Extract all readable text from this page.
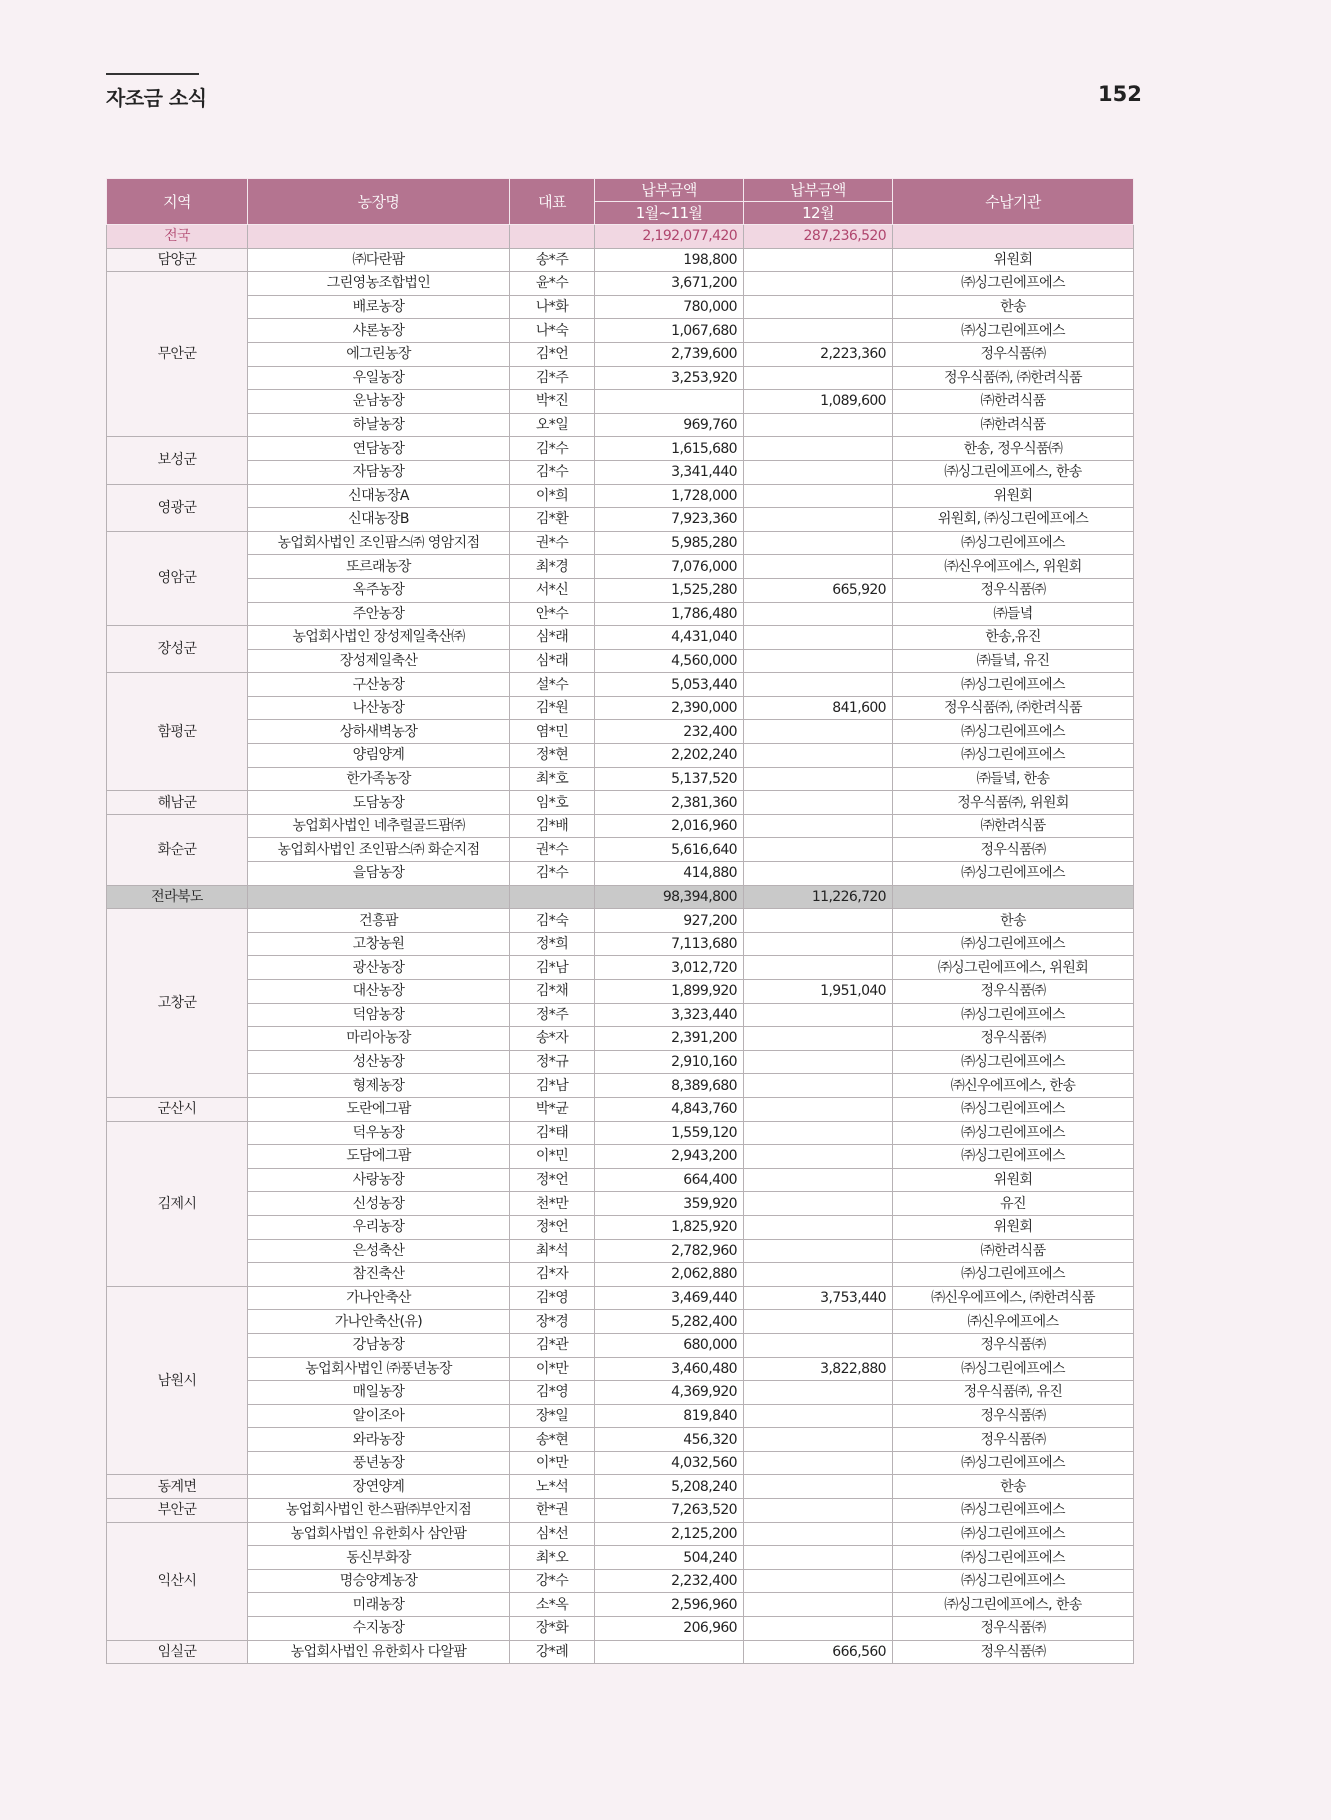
자조금 소식	152
지역	농장명	대표	납부금액	납부금액	수납기관
			1월~11월	12월	
전국			2,192,077,420	287,236,520	
담양군	㈜다란팜	송*주	198,800		위원회
무안군	그린영농조합법인	윤*수	3,671,200		㈜싱그린에프에스
	배로농장	나*화	780,000		한송
	샤론농장	나*숙	1,067,680		㈜싱그린에프에스
	에그린농장	김*언	2,739,600	2,223,360	정우식품㈜
	우일농장	김*주	3,253,920		정우식품㈜, ㈜한려식품
	운남농장	박*진		1,089,600	㈜한려식품
	하날농장	오*일	969,760		㈜한려식품
보성군	연담농장	김*수	1,615,680		한송, 정우식품㈜
	자담농장	김*수	3,341,440		㈜싱그린에프에스, 한송
영광군	신대농장A	이*희	1,728,000		위원회
	신대농장B	김*환	7,923,360		위원회, ㈜싱그린에프에스
영암군	농업회사법인 조인팜스㈜ 영암지점	권*수	5,985,280		㈜싱그린에프에스
	또르래농장	최*경	7,076,000		㈜신우에프에스, 위원회
	옥주농장	서*신	1,525,280	665,920	정우식품㈜
	주안농장	안*수	1,786,480		㈜들녘
장성군	농업회사법인 장성제일축산㈜	심*래	4,431,040		한송,유진
	장성제일축산	심*래	4,560,000		㈜들녘, 유진
함평군	구산농장	설*수	5,053,440		㈜싱그린에프에스
	나산농장	김*원	2,390,000	841,600	정우식품㈜, ㈜한려식품
	상하새벽농장	염*민	232,400		㈜싱그린에프에스
	양림양계	정*현	2,202,240		㈜싱그린에프에스
	한가족농장	최*호	5,137,520		㈜들녘, 한송
해남군	도담농장	임*호	2,381,360		정우식품㈜, 위원회
화순군	농업회사법인 네추럴골드팜㈜	김*배	2,016,960		㈜한려식품
	농업회사법인 조인팜스㈜ 화순지점	권*수	5,616,640		정우식품㈜
	을담농장	김*수	414,880		㈜싱그린에프에스
전라북도			98,394,800	11,226,720	
고창군	건흥팜	김*숙	927,200		한송
	고창농원	정*희	7,113,680		㈜싱그린에프에스
	광산농장	김*남	3,012,720		㈜싱그린에프에스, 위원회
	대산농장	김*채	1,899,920	1,951,040	정우식품㈜
	덕암농장	정*주	3,323,440		㈜싱그린에프에스
	마리아농장	송*자	2,391,200		정우식품㈜
	성산농장	정*규	2,910,160		㈜싱그린에프에스
	형제농장	김*남	8,389,680		㈜신우에프에스, 한송
군산시	도란에그팜	박*균	4,843,760		㈜싱그린에프에스
김제시	덕우농장	김*태	1,559,120		㈜싱그린에프에스
	도담에그팜	이*민	2,943,200		㈜싱그린에프에스
	사랑농장	정*언	664,400		위원회
	신성농장	천*만	359,920		유진
	우리농장	정*언	1,825,920		위원회
	은성축산	최*석	2,782,960		㈜한려식품
	참진축산	김*자	2,062,880		㈜싱그린에프에스
남원시	가나안축산	김*영	3,469,440	3,753,440	㈜신우에프에스, ㈜한려식품
	가나안축산(유)	장*경	5,282,400		㈜신우에프에스
	강남농장	김*관	680,000		정우식품㈜
	농업회사법인 ㈜풍년농장	이*만	3,460,480	3,822,880	㈜싱그린에프에스
	매일농장	김*영	4,369,920		정우식품㈜, 유진
	알이조아	장*일	819,840		정우식품㈜
	와라농장	송*현	456,320		정우식품㈜
	풍년농장	이*만	4,032,560		㈜싱그린에프에스
동계면	장연양계	노*석	5,208,240		한송
부안군	농업회사법인 한스팜㈜부안지점	한*권	7,263,520		㈜싱그린에프에스
익산시	농업회사법인 유한회사 삼안팜	심*선	2,125,200		㈜싱그린에프에스
	동신부화장	최*오	504,240		㈜싱그린에프에스
	명승양계농장	강*수	2,232,400		㈜싱그린에프에스
	미래농장	소*옥	2,596,960		㈜싱그린에프에스, 한송
	수지농장	장*화	206,960		정우식품㈜
임실군	농업회사법인 유한회사 다알팜	강*례		666,560	정우식품㈜
